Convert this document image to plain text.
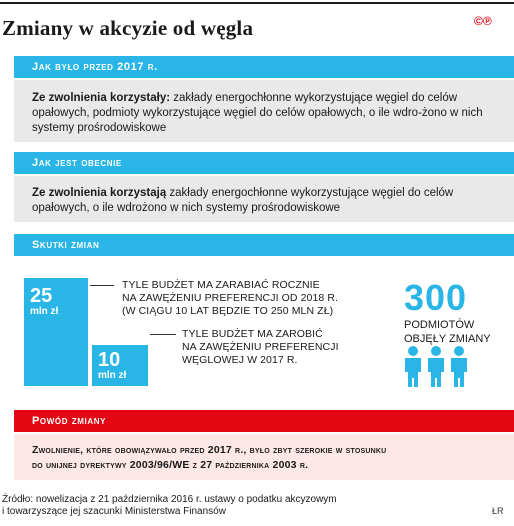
Zmiany w akcyzie od węgla	©℗
Jak było przed 2017 r.
Ze zwolnienia korzystały: zakłady energochłonne wykorzystujące węgiel do celów opałowych, podmioty wykorzystujące węgiel do celów opałowych, o ile wdro-żono w nich systemy prośrodowiskowe
Jak jest obecnie
Ze zwolnienia korzystają zakłady energochłonne wykorzystujące węgiel do celów opałowych, o ile wdrożono w nich systemy prośrodowiskowe
Skutki zmian
25
mln zł
TYLE BUDŻET MA ZARABIAĆ ROCZNIE
NA ZAWĘŻENIU PREFERENCJI OD 2018 R.
(W CIĄGU 10 LAT BĘDZIE TO 250 MLN ZŁ)
10
mln zł
TYLE BUDŻET MA ZAROBIĆ
NA ZAWĘŻENIU PREFERENCJI
WĘGLOWEJ W 2017 R.
300
PODMIOTÓW
OBJĘŁY ZMIANY
Powód zmiany
Zwolnienie, które obowiązywało przed 2017 r., było zbyt szerokie w stosunku
do unijnej dyrektywy 2003/96/WE z 27 października 2003 r.
Źródło: nowelizacja z 21 października 2016 r. ustawy o podatku akcyzowym
i towarzyszące jej szacunki Ministerstwa Finansów	ŁR
